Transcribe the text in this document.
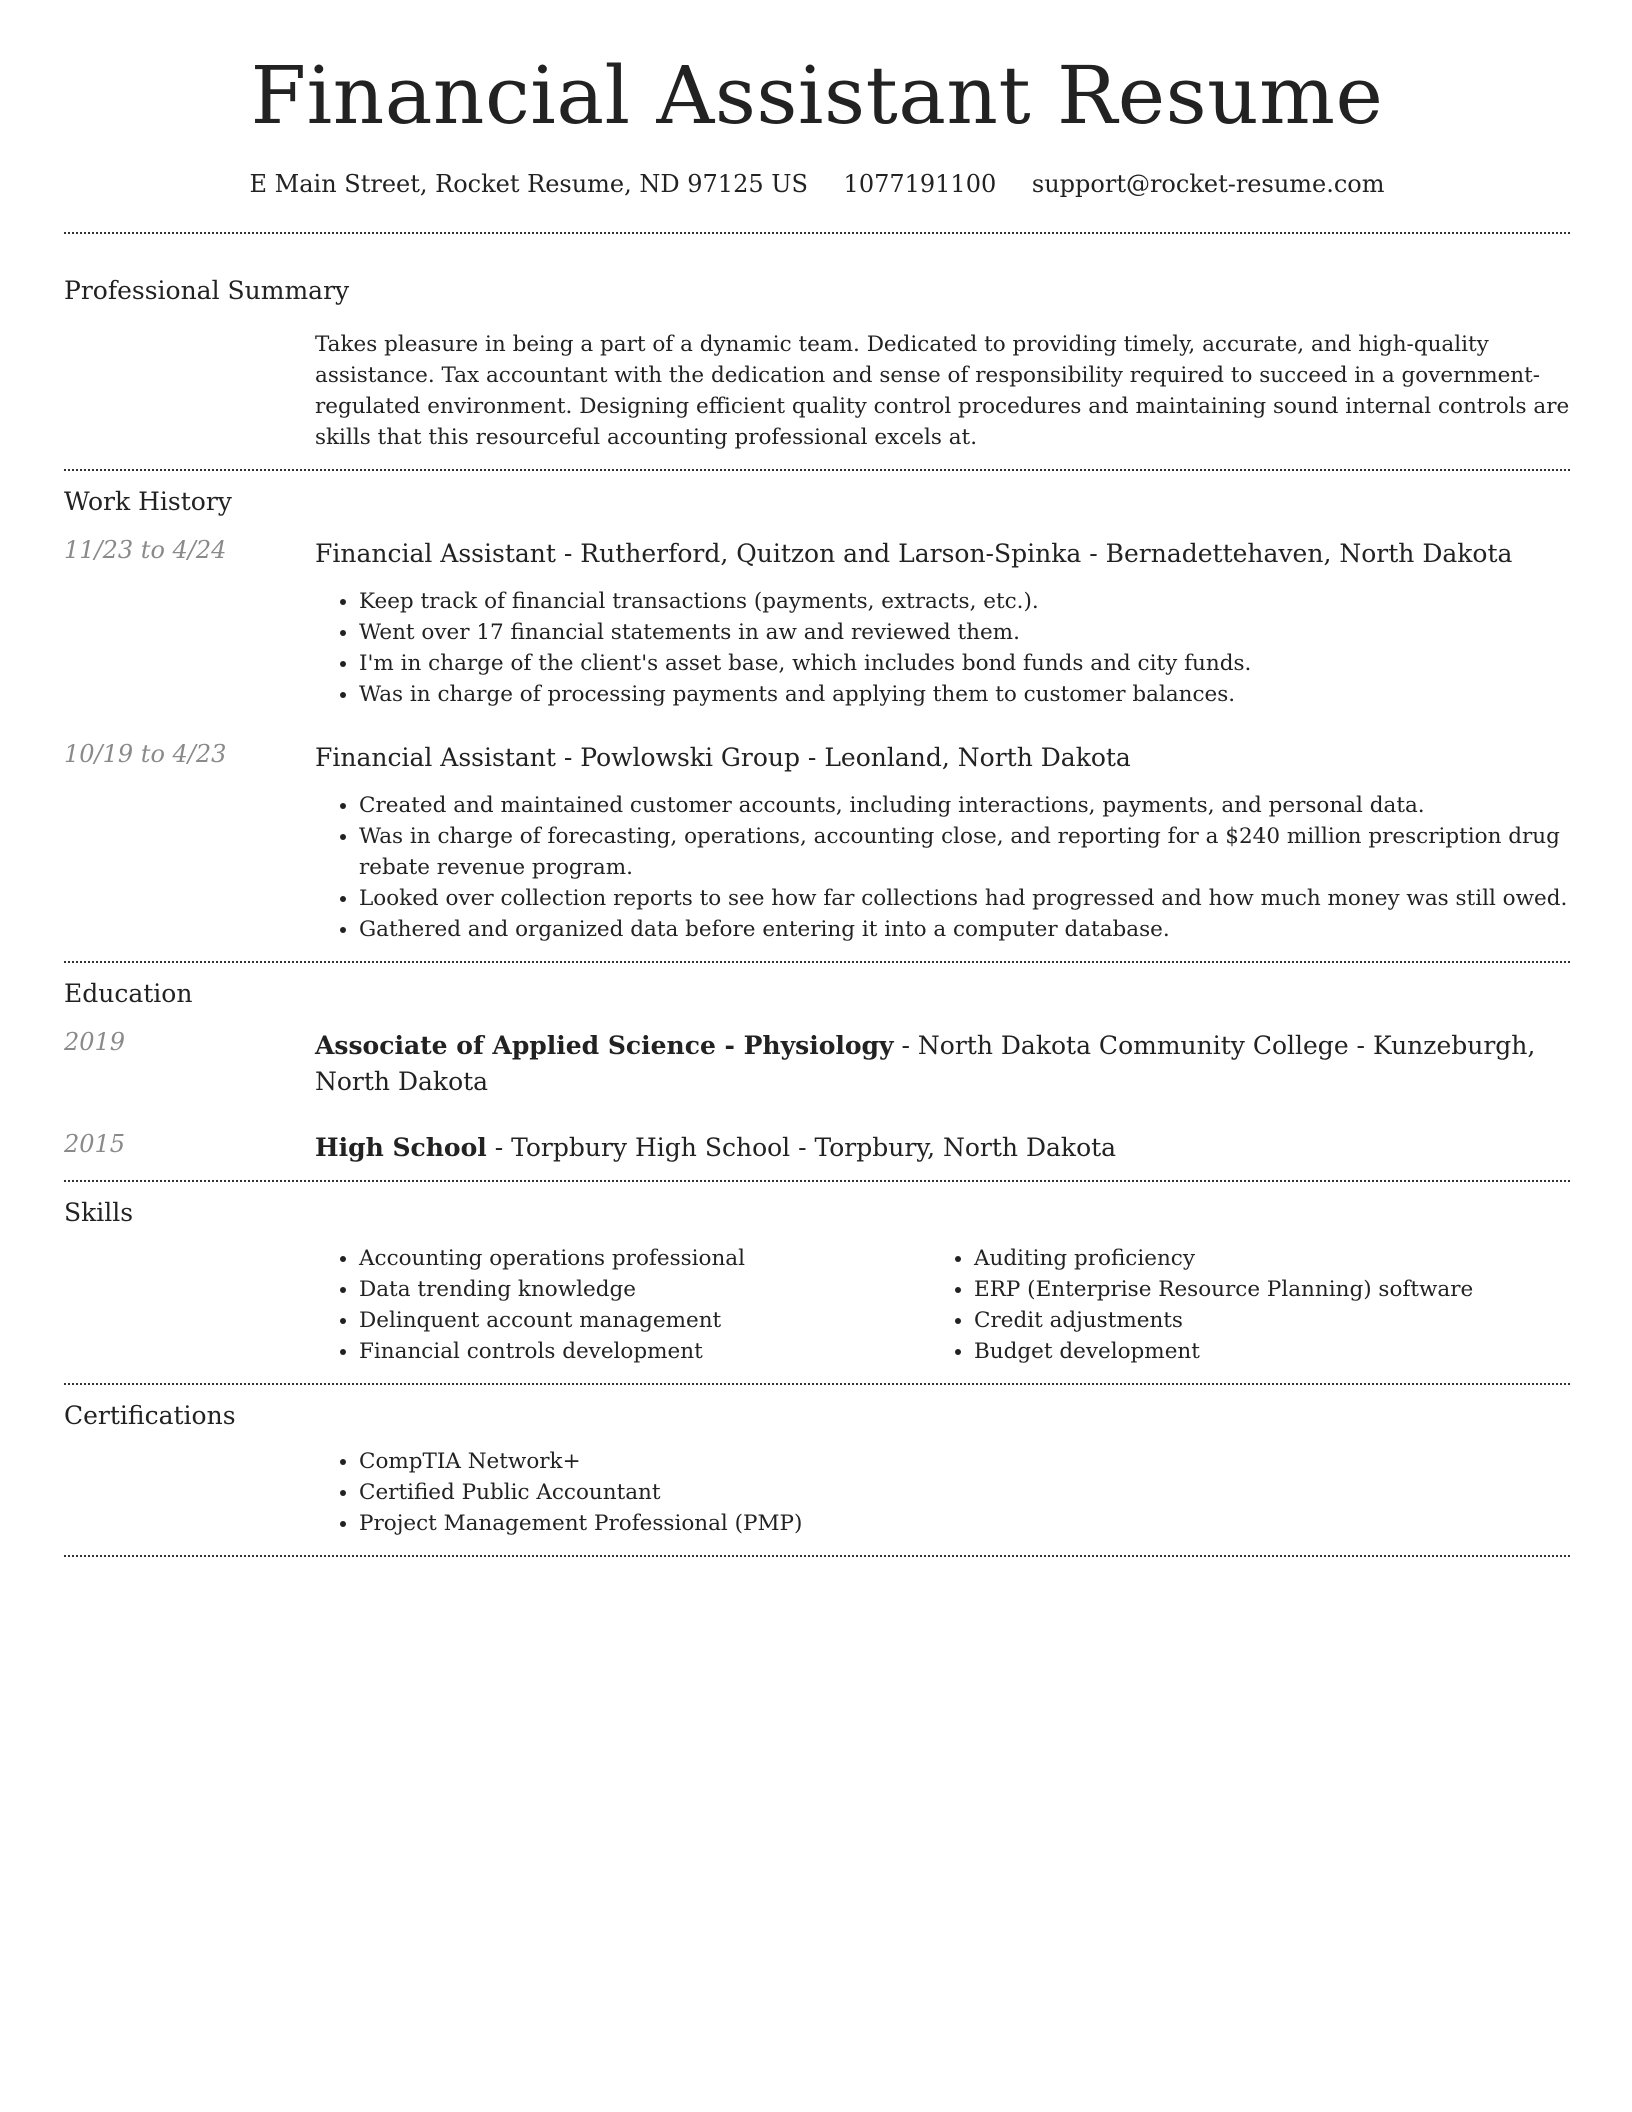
Financial Assistant Resume
E Main Street, Rocket Resume, ND 97125 US 1077191100 support@rocket-resume.com
Professional Summary

Takes pleasure in being a part of a dynamic team. Dedicated to providing timely, accurate, and high-quality assistance. Tax accountant with the dedication and sense of responsibility required to succeed in a government-regulated environment. Designing efficient quality control procedures and maintaining sound internal controls are skills that this resourceful accounting professional excels at.

Work History
11/23 to 4/24	Financial Assistant - Rutherford, Quitzon and Larson-Spinka - Bernadettehaven, North Dakota

• Keep track of financial transactions (payments, extracts, etc.).
• Went over 17 financial statements in aw and reviewed them.
• I'm in charge of the client's asset base, which includes bond funds and city funds.
• Was in charge of processing payments and applying them to customer balances.
10/19 to 4/23	Financial Assistant - Powlowski Group - Leonland, North Dakota

• Created and maintained customer accounts, including interactions, payments, and personal data.
• Was in charge of forecasting, operations, accounting close, and reporting for a $240 million prescription drug rebate revenue program.
• Looked over collection reports to see how far collections had progressed and how much money was still owed.
• Gathered and organized data before entering it into a computer database.
Education
2019	Associate of Applied Science - Physiology - North Dakota Community College - Kunzeburgh, North Dakota

2015	High School - Torpbury High School - Torpbury, North Dakota

Skills
• Accounting operations professional
• Data trending knowledge
• Delinquent account management
• Financial controls development
• Auditing proficiency
• ERP (Enterprise Resource Planning) software
• Credit adjustments
• Budget development
Certifications
• CompTIA Network+
• Certified Public Accountant
• Project Management Professional (PMP)
